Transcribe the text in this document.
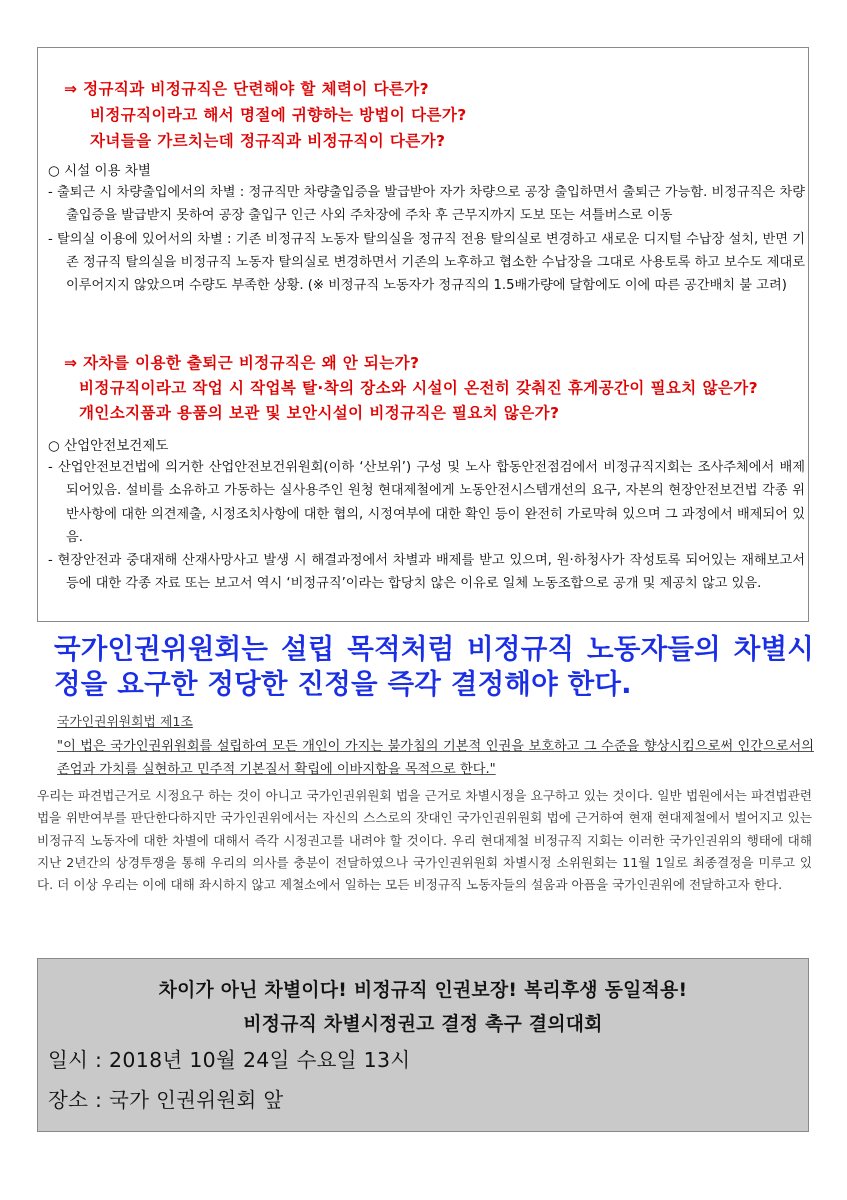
⇒ 정규직과 비정규직은 단련해야 할 체력이 다른가?
비정규직이라고 해서 명절에 귀향하는 방법이 다른가?
자녀들을 가르치는데 정규직과 비정규직이 다른가?
○ 시설 이용 차별
- 출퇴근 시 차량출입에서의 차별 : 정규직만 차량출입증을 발급받아 자가 차량으로 공장 출입하면서 출퇴근 가능함. 비정규직은 차량 출입증을 발급받지 못하여 공장 출입구 인근 사외 주차장에 주차 후 근무지까지 도보 또는 셔틀버스로 이동
- 탈의실 이용에 있어서의 차별 : 기존 비정규직 노동자 탈의실을 정규직 전용 탈의실로 변경하고 새로운 디지털 수납장 설치, 반면 기존 정규직 탈의실을 비정규직 노동자 탈의실로 변경하면서 기존의 노후하고 협소한 수납장을 그대로 사용토록 하고 보수도 제대로 이루어지지 않았으며 수량도 부족한 상황. (※ 비정규직 노동자가 정규직의 1.5배가량에 달함에도 이에 따른 공간배치 불 고려)
⇒ 자차를 이용한 출퇴근 비정규직은 왜 안 되는가?
비정규직이라고 작업 시 작업복 탈·착의 장소와 시설이 온전히 갖춰진 휴게공간이 필요치 않은가?
개인소지품과 용품의 보관 및 보안시설이 비정규직은 필요치 않은가?
○ 산업안전보건제도
- 산업안전보건법에 의거한 산업안전보건위원회(이하 ‘산보위’) 구성 및 노사 합동안전점검에서 비정규직지회는 조사주체에서 배제되어있음. 설비를 소유하고 가동하는 실사용주인 원청 현대제철에게 노동안전시스템개선의 요구, 자본의 현장안전보건법 각종 위반사항에 대한 의견제출, 시정조치사항에 대한 협의, 시정여부에 대한 확인 등이 완전히 가로막혀 있으며 그 과정에서 배제되어 있음.
- 현장안전과 중대재해 산재사망사고 발생 시 해결과정에서 차별과 배제를 받고 있으며, 원·하청사가 작성토록 되어있는 재해보고서 등에 대한 각종 자료 또는 보고서 역시 ‘비정규직’이라는 합당치 않은 이유로 일체 노동조합으로 공개 및 제공치 않고 있음.
국가인권위원회는 설립 목적처럼 비정규직 노동자들의 차별시정을 요구한 정당한 진정을 즉각 결정해야 한다.
국가인권위원회법 제1조
"이 법은 국가인권위원회를 설립하여 모든 개인이 가지는 불가침의 기본적 인권을 보호하고 그 수준을 향상시킴으로써 인간으로서의 존엄과 가치를 실현하고 민주적 기본질서 확립에 이바지함을 목적으로 한다."
우리는 파견법근거로 시정요구 하는 것이 아니고 국가인권위원회 법을 근거로 차별시정을 요구하고 있는 것이다. 일반 법원에서는 파견법관련 법을 위반여부를 판단한다하지만 국가인권위에서는 자신의 스스로의 잣대인 국가인권위원회 법에 근거하여 현재 현대제철에서 벌어지고 있는 비정규직 노동자에 대한 차별에 대해서 즉각 시정권고를 내려야 할 것이다. 우리 현대제철 비정규직 지회는 이러한 국가인권위의 행태에 대해 지난 2년간의 상경투쟁을 통해 우리의 의사를 충분이 전달하였으나 국가인권위원회 차별시정 소위원회는 11월 1일로 최종결정을 미루고 있다. 더 이상 우리는 이에 대해 좌시하지 않고 제철소에서 일하는 모든 비정규직 노동자들의 설움과 아픔을 국가인권위에 전달하고자 한다.
차이가 아닌 차별이다! 비정규직 인권보장! 복리후생 동일적용!
비정규직 차별시정권고 결정 촉구 결의대회
일시 : 2018년 10월 24일 수요일 13시
장소 : 국가 인권위원회 앞
